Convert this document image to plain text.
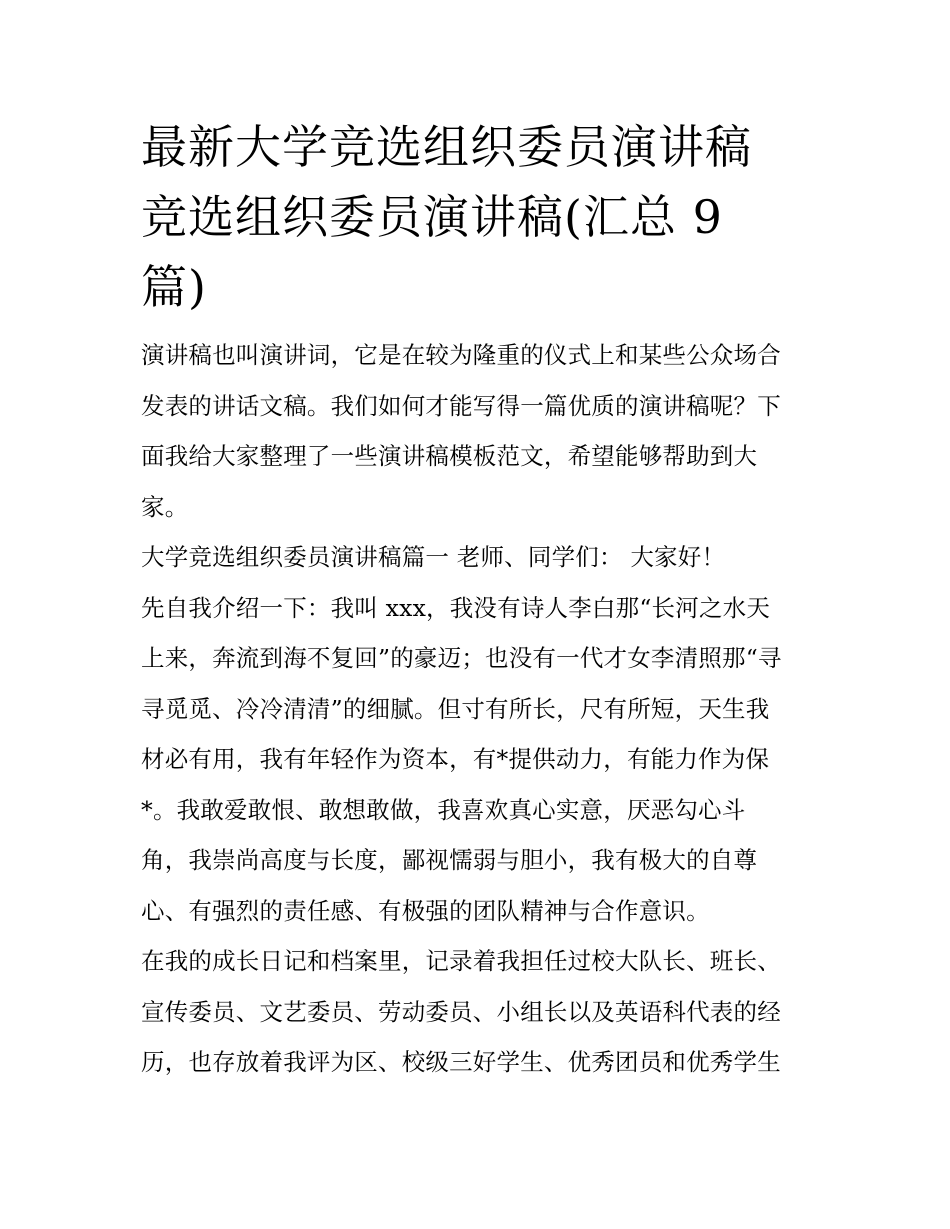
最新大学竞选组织委员演讲稿
竞选组织委员演讲稿(汇总 9
篇)

演讲稿也叫演讲词，它是在较为隆重的仪式上和某些公众场合
发表的讲话文稿。我们如何才能写得一篇优质的演讲稿呢？下
面我给大家整理了一些演讲稿模板范文，希望能够帮助到大
家。

大学竞选组织委员演讲稿篇一 老师、同学们： 大家好！

先自我介绍一下：我叫 xxx，我没有诗人李白那“长河之水天
上来，奔流到海不复回”的豪迈；也没有一代才女李清照那“寻
寻觅觅、冷冷清清”的细腻。但寸有所长，尺有所短，天生我
材必有用，我有年轻作为资本，有*提供动力，有能力作为保
*。我敢爱敢恨、敢想敢做，我喜欢真心实意，厌恶勾心斗
角，我崇尚高度与长度，鄙视懦弱与胆小，我有极大的自尊
心、有强烈的责任感、有极强的团队精神与合作意识。

在我的成长日记和档案里，记录着我担任过校大队长、班长、
宣传委员、文艺委员、劳动委员、小组长以及英语科代表的经
历，也存放着我评为区、校级三好学生、优秀团员和优秀学生
